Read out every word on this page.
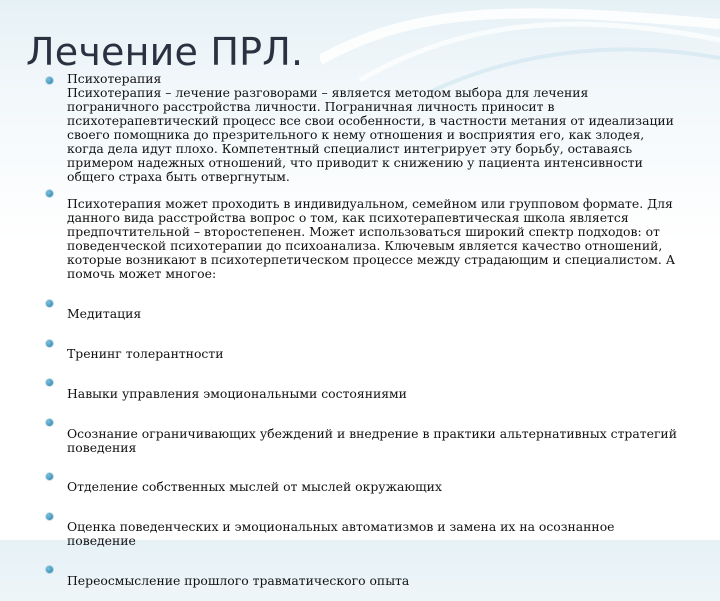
Лечение ПРЛ.

Психотерапия

Психотерапия – лечение разговорами – является методом выбора для лечения пограничного расстройства личности. Пограничная личность приносит в психотерапевтический процесс все свои особенности, в частности метания от идеализации своего помощника до презрительного к нему отношения и восприятия его, как злодея, когда дела идут плохо. Компетентный специалист интегрирует эту борьбу, оставаясь примером надежных отношений, что приводит к снижению у пациента интенсивности общего страха быть отвергнутым.

Психотерапия может проходить в индивидуальном, семейном или групповом формате. Для данного вида расстройства вопрос о том, как психотерапевтическая школа является предпочтительной – второстепенен. Может использоваться широкий спектр подходов: от поведенческой психотерапии до психоанализа. Ключевым является качество отношений, которые возникают в психотерпетическом процессе между страдающим и специалистом. А помочь может многое:

Медитация

Тренинг толерантности

Навыки управления эмоциональными состояниями

Осознание ограничивающих убеждений и внедрение в практики альтернативных стратегий поведения

Отделение собственных мыслей от мыслей окружающих

Оценка поведенческих и эмоциональных автоматизмов и замена их на осознанное поведение

Переосмысление прошлого травматического опыта
